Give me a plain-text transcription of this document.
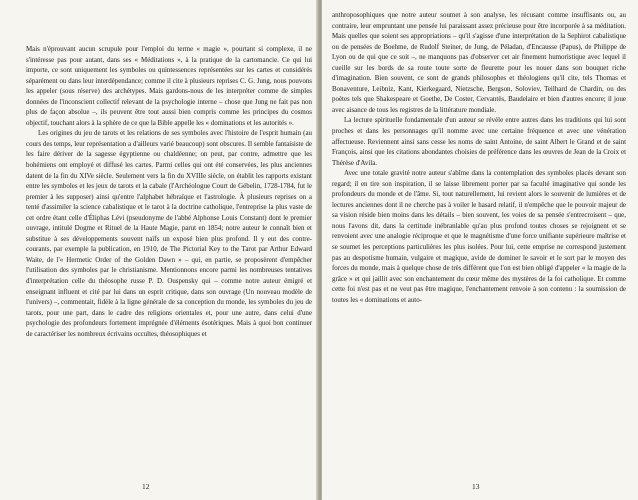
Mais n'éprouvant aucun scrupule pour l'emploi du terme « magie », pourtant si complexe, il ne s'intéresse pas pour autant, dans ses « Méditations », à la pratique de la cartomancie. Ce qui lui importe, ce sont uniquement les symboles ou quintessences représentées sur les cartes et considérés séparément ou dans leur interdépendance; comme il cite à plusieurs reprises C. G. Jung, nous pouvons les appeler (sous réserve) des archétypes. Mais gardons-nous de les interpréter comme de simples données de l'inconscient collectif relevant de la psychologie interne – chose que Jung ne fait pas non plus de façon absolue –, ils peuvent être tout aussi bien compris comme les principes du cosmos objectif, touchant alors à la sphère de ce que la Bible appelle les « dominations et les autorités ».

Les origines du jeu de tarots et les relations de ses symboles avec l'histoire de l'esprit humain (au cours des temps, leur représentation a d'ailleurs varié beaucoup) sont obscures. Il semble fantaisiste de les faire dériver de la sagesse égyptienne ou chaldéenne; on peut, par contre, admettre que les bohémiens ont employé et diffusé les cartes. Parmi celles qui ont été conservées, les plus anciennes datent de la fin du XIVe siècle. Seulement vers la fin du XVIIIe siècle, on établit les rapports existant entre les symboles et les jeux de tarots et la cabale (l'Archéologue Court de Gébelin, 1728-1784, fut le premier à les supposer) ainsi qu'entre l'alphabet hébraïque et l'astrologie. À plusieurs reprises on a tenté d'assimiler la science cabalistique et le tarot à la doctrine catholique, l'entreprise la plus vaste de cet ordre étant celle d'Éliphas Lévi (pseudonyme de l'abbé Alphonse Louis Constant) dont le premier ouvrage, intitulé Dogme et Rituel de la Haute Magie, parut en 1854; notre auteur le connaît bien et substitue à ses développements souvent naïfs un exposé bien plus profond. Il y eut des contre-courants, par exemple la publication, en 1910, de The Pictorial Key to the Tarot par Arthur Edward Waite, de l'« Hermetic Order of the Golden Dawn » – qui, en partie, se proposèrent d'empêcher l'utilisation des symboles par le christianisme. Mentionnons encore parmi les nombreuses tentatives d'interprétation celle du théosophe russe P. D. Ouspensky qui – comme notre auteur émigré et enseignant influent et cité par lui dans un esprit critique, dans son ouvrage (Un nouveau modèle de l'univers) –, commentait, fidèle à la ligne générale de sa conception du monde, les symboles du jeu de tarots, pour une part, dans le cadre des religions orientales et, pour une autre, dans celui d'une psychologie des profondeurs fortement imprégnée d'éléments ésotériques. Mais à quoi bon continuer de caractériser les nombreux écrivains occultes, théosophiques et

12

anthroposophiques que notre auteur soumet à son analyse, les récusant comme insuffisants ou, au contraire, leur empruntant une pensée lui paraissant assez précieuse pour être incorporée à sa méditation. Mais quelles que soient ses appropriations – qu'il s'agisse d'une interprétation de la Sephirot cabalistique ou de pensées de Boehme, de Rudolf Steiner, de Jung, de Péladan, d'Encausse (Papus), de Philippe de Lyon ou de qui que ce soit –, ne manquons pas d'observer cet air finement humoristique avec lequel il cueille sur les bords de sa route toute sorte de fleurette pour les nouer dans son bouquet riche d'imagination. Bien souvent, ce sont de grands philosophes et théologiens qu'il cite, tels Thomas et Bonaventure, Leibniz, Kant, Kierkegaard, Nietzsche, Bergson, Soloviev, Teilhard de Chardin, ou des poètes tels que Shakespeare et Goethe, De Coster, Cervantès, Baudelaire et bien d'autres encore; il joue avec aisance de tous les registres de la littérature mondiale.

La lecture spirituelle fondamentale d'un auteur se révèle entre autres dans les traditions qui lui sont proches et dans les personnages qu'il nomme avec une certaine fréquence et avec une vénération affectueuse. Reviennent ainsi sans cesse les noms de saint Antoine, de saint Albert le Grand et de saint François, ainsi que les citations abondantes choisies de préférence dans les œuvres de Jean de la Croix et Thérèse d'Avila.

Avec une totale gravité notre auteur s'abîme dans la contemplation des symboles placés devant son regard; il en tire son inspiration, il se laisse librement porter par sa faculté imaginative qui sonde les profondeurs du monde et de l'âme. Si, tout naturellement, lui revient alors le souvenir de lumières et de lectures anciennes dont il ne cherche pas à voiler le hasard relatif, il n'empêche que le pouvoir majeur de sa vision réside bien moins dans les détails – bien souvent, les voies de sa pensée s'entrecroisent – que, nous l'avons dit, dans la certitude inébranlable qu'au plus profond toutes choses se rejoignent et se renvoient avec une analogie réciproque et que le magnétisme d'une force unifiante supérieure maîtrise et se soumet les perceptions particulières les plus isolées. Pour lui, cette emprise ne correspond justement pas au despotisme humain, vulgaire et magique, avide de dominer le savoir et le sort par le moyen des forces du monde, mais à quelque chose de très différent que l'on est bien obligé d'appeler « la magie de la grâce » et qui jaillit avec son enchantement du cœur même des mystères de la foi catholique. Et comme cette foi n'est pas et ne veut pas être magique, l'enchantement renvoie à son contenu : la soumission de toutes les « dominations et auto-

13
